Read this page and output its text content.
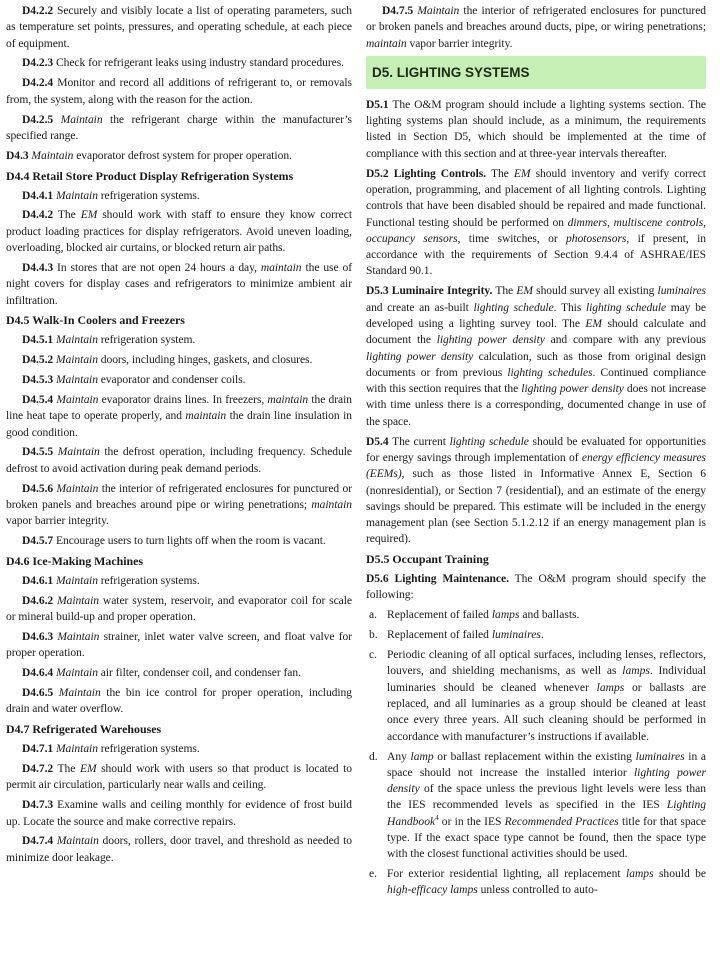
D4.2.2 Securely and visibly locate a list of operating parameters, such as temperature set points, pressures, and operating schedule, at each piece of equipment.
D4.2.3 Check for refrigerant leaks using industry standard procedures.
D4.2.4 Monitor and record all additions of refrigerant to, or removals from, the system, along with the reason for the action.
D4.2.5 Maintain the refrigerant charge within the manufacturer’s specified range.
D4.3 Maintain evaporator defrost system for proper operation.
D4.4 Retail Store Product Display Refrigeration Systems
D4.4.1 Maintain refrigeration systems.
D4.4.2 The EM should work with staff to ensure they know correct product loading practices for display refrigerators. Avoid uneven loading, overloading, blocked air curtains, or blocked return air paths.
D4.4.3 In stores that are not open 24 hours a day, maintain the use of night covers for display cases and refrigerators to minimize ambient air infiltration.
D4.5 Walk-In Coolers and Freezers
D4.5.1 Maintain refrigeration system.
D4.5.2 Maintain doors, including hinges, gaskets, and closures.
D4.5.3 Maintain evaporator and condenser coils.
D4.5.4 Maintain evaporator drains lines. In freezers, maintain the drain line heat tape to operate properly, and maintain the drain line insulation in good condition.
D4.5.5 Maintain the defrost operation, including frequency. Schedule defrost to avoid activation during peak demand periods.
D4.5.6 Maintain the interior of refrigerated enclosures for punctured or broken panels and breaches around pipe or wiring penetrations; maintain vapor barrier integrity.
D4.5.7 Encourage users to turn lights off when the room is vacant.
D4.6 Ice-Making Machines
D4.6.1 Maintain refrigeration systems.
D4.6.2 Maintain water system, reservoir, and evaporator coil for scale or mineral build-up and proper operation.
D4.6.3 Maintain strainer, inlet water valve screen, and float valve for proper operation.
D4.6.4 Maintain air filter, condenser coil, and condenser fan.
D4.6.5 Maintain the bin ice control for proper operation, including drain and water overflow.
D4.7 Refrigerated Warehouses
D4.7.1 Maintain refrigeration systems.
D4.7.2 The EM should work with users so that product is located to permit air circulation, particularly near walls and ceiling.
D4.7.3 Examine walls and ceiling monthly for evidence of frost build up. Locate the source and make corrective repairs.
D4.7.4 Maintain doors, rollers, door travel, and threshold as needed to minimize door leakage.
D4.7.5 Maintain the interior of refrigerated enclosures for punctured or broken panels and breaches around ducts, pipe, or wiring penetrations; maintain vapor barrier integrity.
D5. LIGHTING SYSTEMS
D5.1 The O&M program should include a lighting systems section. The lighting systems plan should include, as a minimum, the requirements listed in Section D5, which should be implemented at the time of compliance with this section and at three-year intervals thereafter.
D5.2 Lighting Controls. The EM should inventory and verify correct operation, programming, and placement of all lighting controls. Lighting controls that have been disabled should be repaired and made functional. Functional testing should be performed on dimmers, multiscene controls, occupancy sensors, time switches, or photosensors, if present, in accordance with the requirements of Section 9.4.4 of ASHRAE/IES Standard 90.1.
D5.3 Luminaire Integrity. The EM should survey all existing luminaires and create an as-built lighting schedule. This lighting schedule may be developed using a lighting survey tool. The EM should calculate and document the lighting power density and compare with any previous lighting power density calculation, such as those from original design documents or from previous lighting schedules. Continued compliance with this section requires that the lighting power density does not increase with time unless there is a corresponding, documented change in use of the space.
D5.4 The current lighting schedule should be evaluated for opportunities for energy savings through implementation of energy efficiency measures (EEMs), such as those listed in Informative Annex E, Section 6 (nonresidential), or Section 7 (residential), and an estimate of the energy savings should be prepared. This estimate will be included in the energy management plan (see Section 5.1.2.12 if an energy management plan is required).
D5.5 Occupant Training
D5.6 Lighting Maintenance. The O&M program should specify the following:
a. Replacement of failed lamps and ballasts.
b. Replacement of failed luminaires.
c. Periodic cleaning of all optical surfaces, including lenses, reflectors, louvers, and shielding mechanisms, as well as lamps. Individual luminaries should be cleaned whenever lamps or ballasts are replaced, and all luminaries as a group should be cleaned at least once every three years. All such cleaning should be performed in accordance with manufacturer’s instructions if available.
d. Any lamp or ballast replacement within the existing luminaires in a space should not increase the installed interior lighting power density of the space unless the previous light levels were less than the IES recommended levels as specified in the IES Lighting Handbook$^4$ or in the IES Recommended Practices title for that space type. If the exact space type cannot be found, then the space type with the closest functional activities should be used.
e. For exterior residential lighting, all replacement lamps should be high-efficacy lamps unless controlled to auto-
